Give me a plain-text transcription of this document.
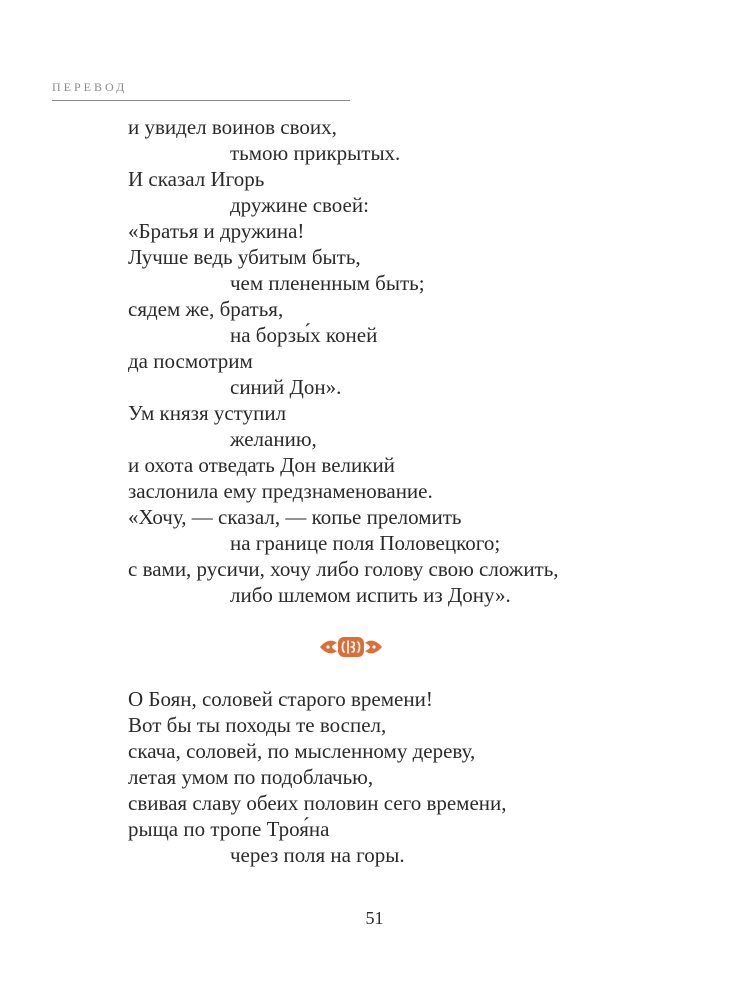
ПЕРЕВОД
и увидел воинов своих,
тьмою прикрытых.
И сказал Игорь
дружине своей:
«Братья и дружина!
Лучше ведь убитым быть,
чем плененным быть;
сядем же, братья,
на борзы́х коней
да посмотрим
синий Дон».
Ум князя уступил
желанию,
и охота отведать Дон великий
заслонила ему предзнаменование.
«Хочу, — сказал, — копье преломить
на границе поля Половецкого;
с вами, русичи, хочу либо голову свою сложить,
либо шлемом испить из Дону».
О Боян, соловей старого времени!
Вот бы ты походы те воспел,
скача, соловей, по мысленному дереву,
летая умом по подоблачью,
свивая славу обеих половин сего времени,
рыща по тропе Троя́на
через поля на горы.
51
